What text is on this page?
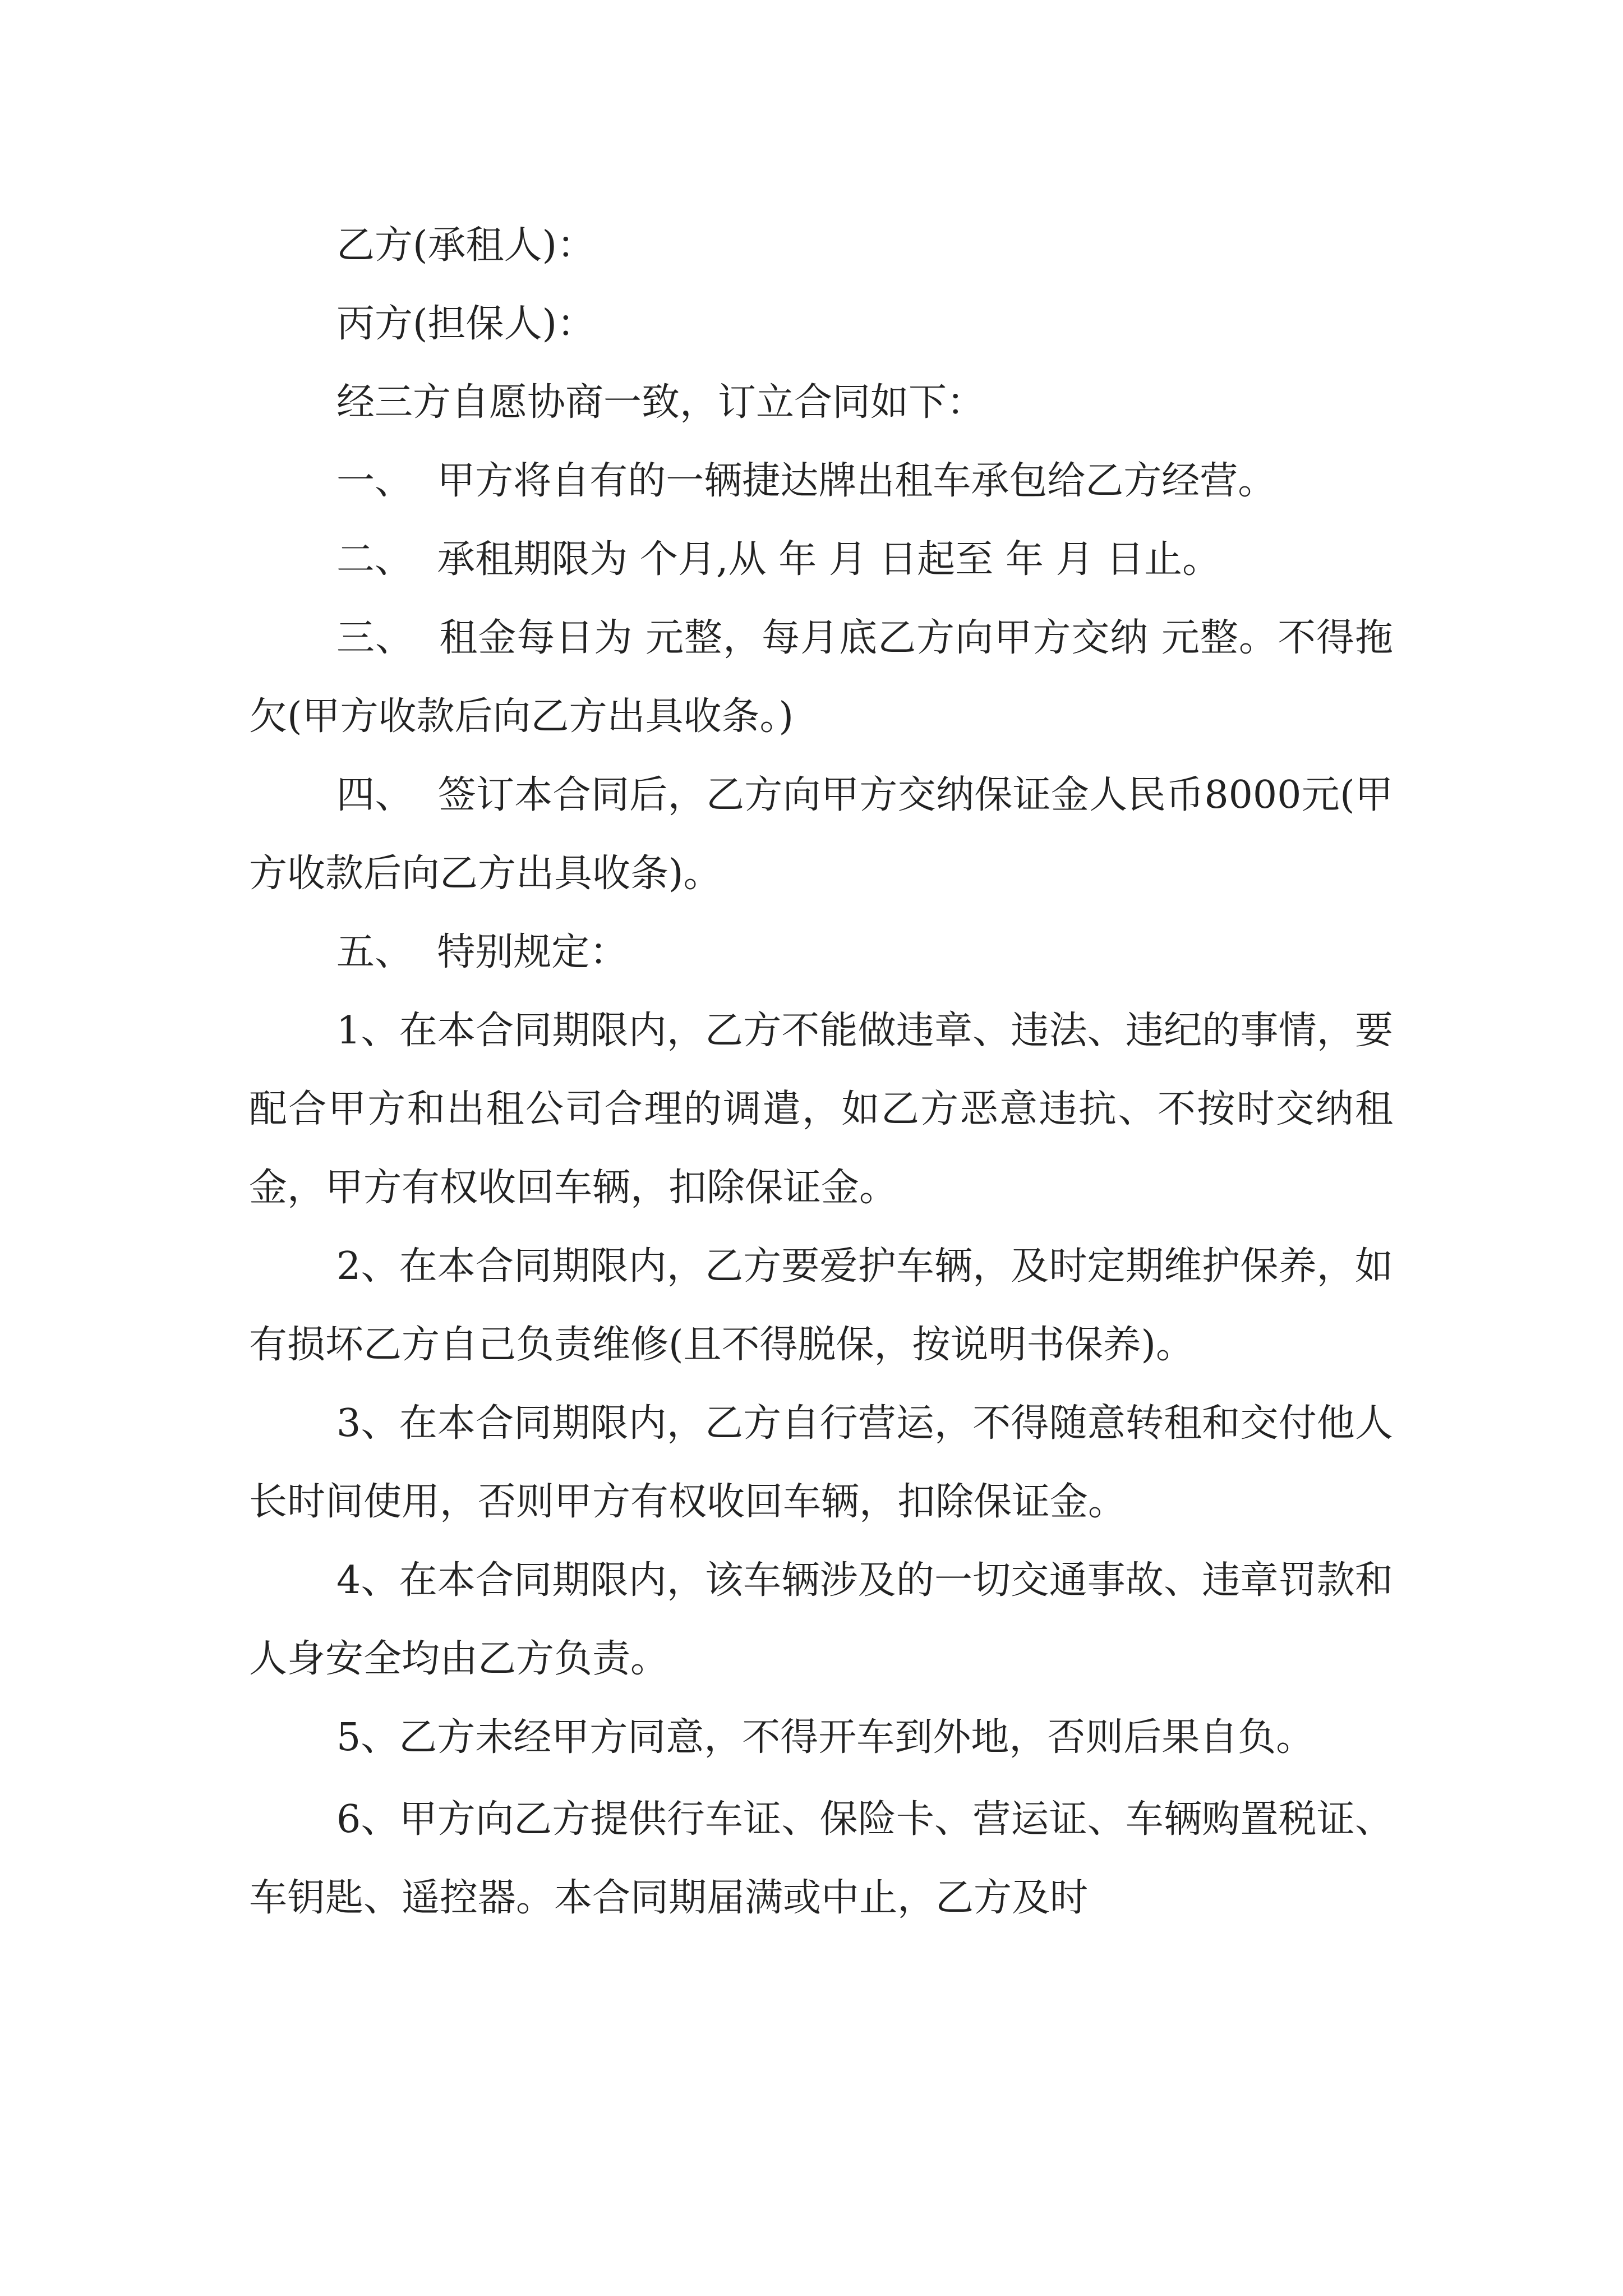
乙方(承租人)：

丙方(担保人)：

经三方自愿协商一致，订立合同如下：

一、  甲方将自有的一辆捷达牌出租车承包给乙方经营。

二、  承租期限为 个月,从 年 月 日起至 年 月 日止。

三、  租金每日为 元整，每月底乙方向甲方交纳 元整。不得拖欠(甲方收款后向乙方出具收条。)

四、  签订本合同后，乙方向甲方交纳保证金人民币8000元(甲方收款后向乙方出具收条)。

五、  特别规定：

1、在本合同期限内，乙方不能做违章、违法、违纪的事情，要配合甲方和出租公司合理的调遣，如乙方恶意违抗、不按时交纳租金，甲方有权收回车辆，扣除保证金。

2、在本合同期限内，乙方要爱护车辆，及时定期维护保养，如有损坏乙方自己负责维修(且不得脱保，按说明书保养)。

3、在本合同期限内，乙方自行营运，不得随意转租和交付他人长时间使用，否则甲方有权收回车辆，扣除保证金。

4、在本合同期限内，该车辆涉及的一切交通事故、违章罚款和人身安全均由乙方负责。

5、乙方未经甲方同意，不得开车到外地，否则后果自负。

6、甲方向乙方提供行车证、保险卡、营运证、车辆购置税证、车钥匙、遥控器。本合同期届满或中止，乙方及时
